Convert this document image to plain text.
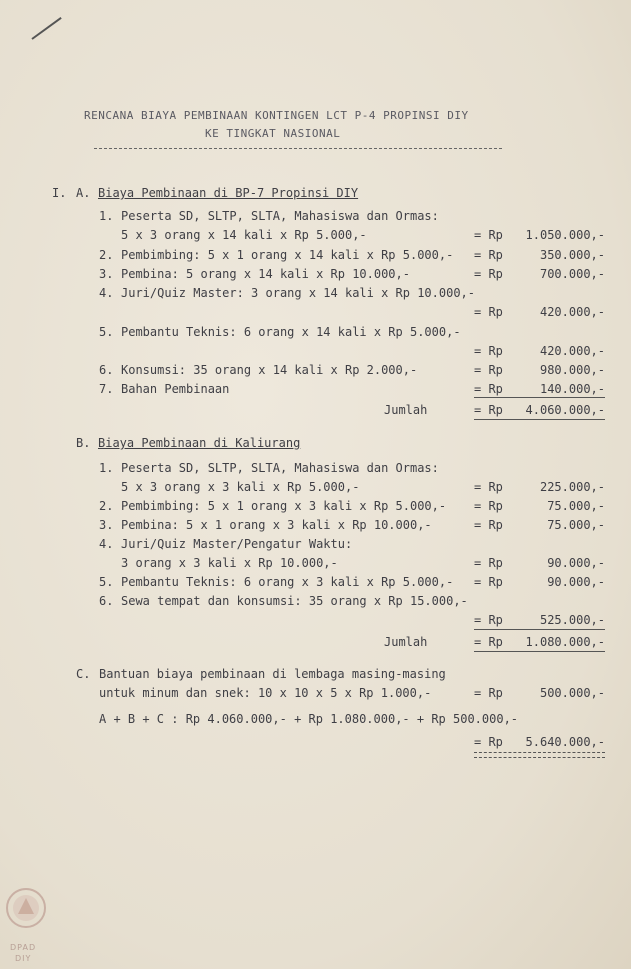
RENCANA BIAYA PEMBINAAN KONTINGEN LCT P-4 PROPINSI DIY
KE TINGKAT NASIONAL
I. A. Biaya Pembinaan di BP-7 Propinsi DIY
1. Peserta SD, SLTP, SLTA, Mahasiswa dan Ormas:
5 x 3 orang x 14 kali x Rp 5.000,-	= Rp 1.050.000,-
2. Pembimbing: 5 x 1 orang x 14 kali x Rp 5.000,- = Rp	350.000,-
3. Pembina: 5 orang x 14 kali x Rp 10.000,-	= Rp	700.000,-
4. Juri/Quiz Master: 3 orang x 14 kali x Rp 10.000,-
= Rp	420.000,-
5. Pembantu Teknis: 6 orang x 14 kali x Rp 5.000,-
= Rp	420.000,-
6. Konsumsi: 35 orang x 14 kali x Rp 2.000,-	= Rp	980.000,-
7. Bahan Pembinaan	= Rp	140.000,-
Jumlah	= Rp 4.060.000,-
B. Biaya Pembinaan di Kaliurang
1. Peserta SD, SLTP, SLTA, Mahasiswa dan Ormas:
5 x 3 orang x 3 kali x Rp 5.000,-	= Rp	225.000,-
2. Pembimbing: 5 x 1 orang x 3 kali x Rp 5.000,- = Rp	75.000,-
3. Pembina: 5 x 1 orang x 3 kali x Rp 10.000,-	= Rp	75.000,-
4. Juri/Quiz Master/Pengatur Waktu:
3 orang x 3 kali x Rp 10.000,-	= Rp	90.000,-
5. Pembantu Teknis: 6 orang x 3 kali x Rp 5.000,- = Rp	90.000,-
6. Sewa tempat dan konsumsi: 35 orang x Rp 15.000,-
= Rp	525.000,-
Jumlah	= Rp 1.080.000,-
C. Bantuan biaya pembinaan di lembaga masing-masing
untuk minum dan snek: 10 x 10 x 5 x Rp 1.000,-	= Rp	500.000,-
A + B + C : Rp 4.060.000,- + Rp 1.080.000,- + Rp 500.000,-
= Rp 5.640.000,-
DPAD
DIY
